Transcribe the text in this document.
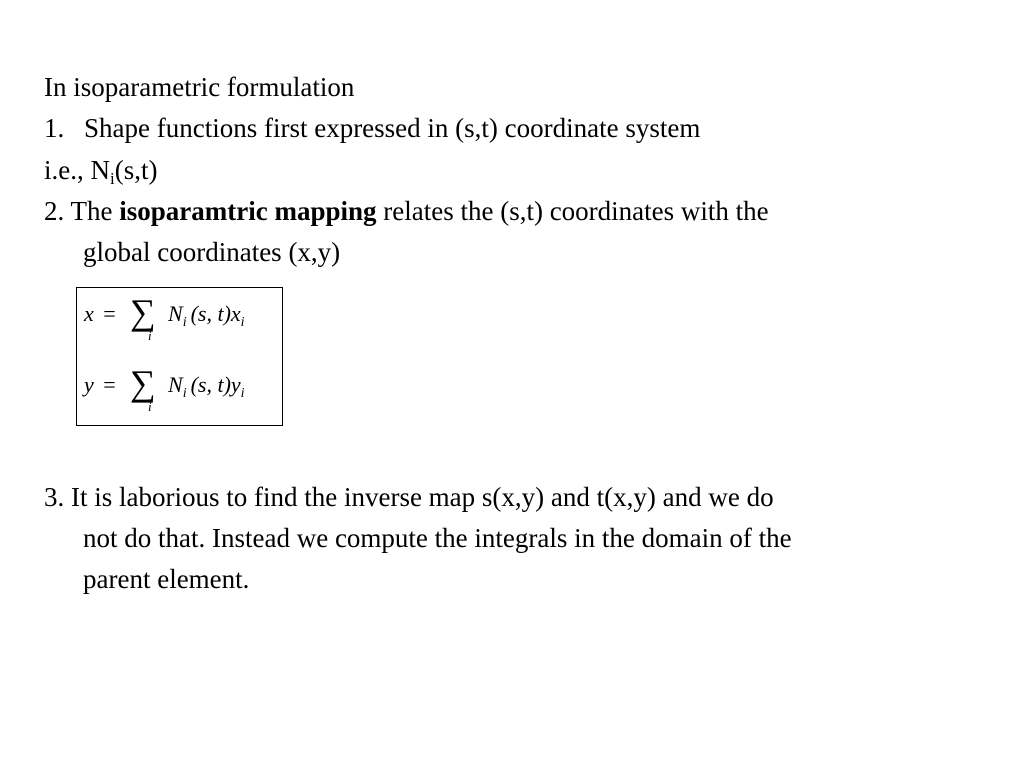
In isoparametric formulation
1. Shape functions first expressed in (s,t) coordinate system
i.e., $N_i(s,t)$
2. The isoparamtric mapping relates the (s,t) coordinates with the
global coordinates (x,y)
x = ∑
i
$N_i$ (s, $t)x_i$
y = ∑
i
$N_i$ (s, $t)y_i$
3. It is laborious to find the inverse map s(x,y) and t(x,y) and we do
not do that. Instead we compute the integrals in the domain of the
parent element.
